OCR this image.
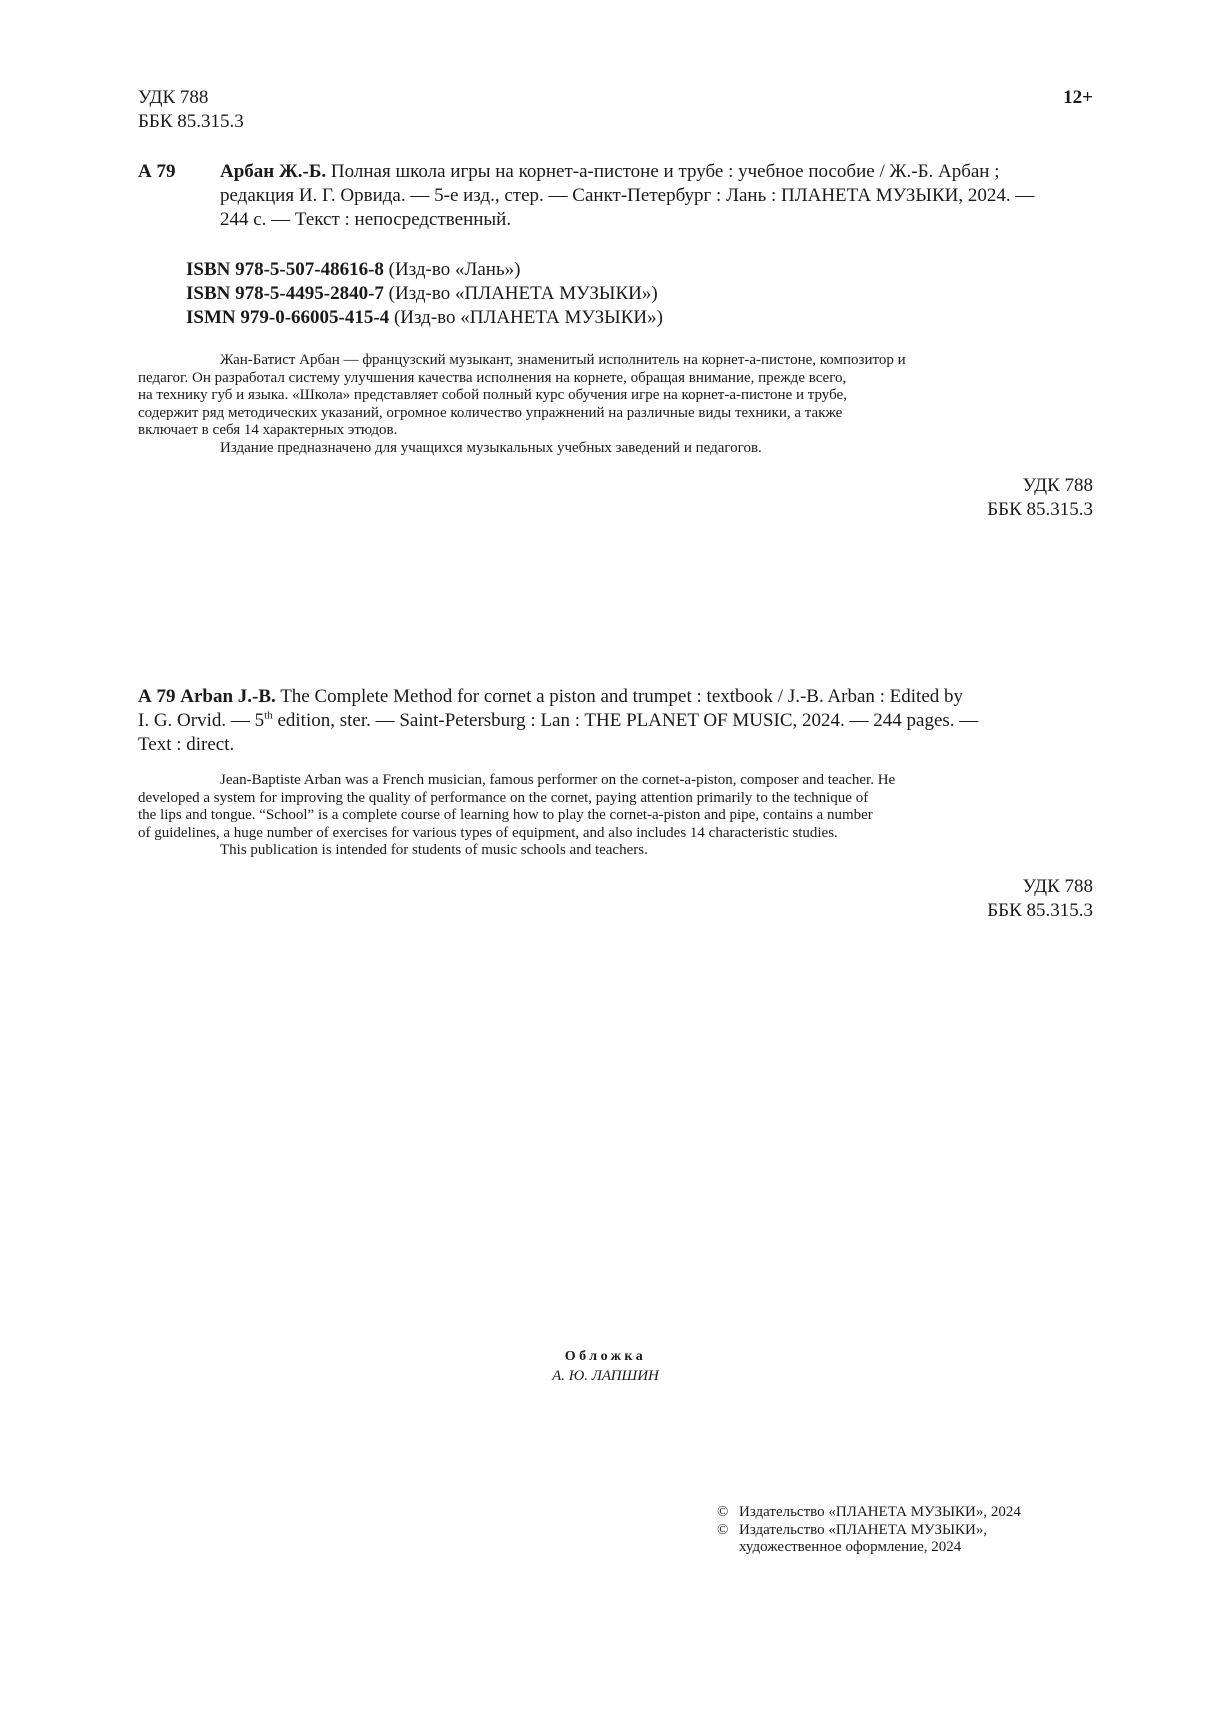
УДК 788
ББК 85.315.3
12+
А 79	Арбан Ж.-Б. Полная школа игры на корнет-а-пистоне и трубе : учебное пособие / Ж.-Б. Арбан ;
редакция И. Г. Орвида. — 5-е изд., стер. — Санкт-Петербург : Лань : ПЛАНЕТА МУЗЫКИ, 2024. —
244 с. — Текст : непосредственный.
ISBN 978-5-507-48616-8 (Изд-во «Лань»)
ISBN 978-5-4495-2840-7 (Изд-во «ПЛАНЕТА МУЗЫКИ»)
ISMN 979-0-66005-415-4 (Изд-во «ПЛАНЕТА МУЗЫКИ»)
Жан-Батист Арбан — французский музыкант, знаменитый исполнитель на корнет-а-пистоне, композитор и
педагог. Он разработал систему улучшения качества исполнения на корнете, обращая внимание, прежде всего,
на технику губ и языка. «Школа» представляет собой полный курс обучения игре на корнет-а-пистоне и трубе,
содержит ряд методических указаний, огромное количество упражнений на различные виды техники, а также
включает в себя 14 характерных этюдов.
Издание предназначено для учащихся музыкальных учебных заведений и педагогов.
УДК 788
ББК 85.315.3
А 79 Arban J.-B. The Complete Method for cornet a piston and trumpet : textbook / J.-B. Arban : Edited by
I. G. Orvid. — 5th edition, ster. — Saint-Petersburg : Lan : THE PLANET OF MUSIC, 2024. — 244 pages. —
Text : direct.
Jean-Baptiste Arban was a French musician, famous performer on the cornet-a-piston, composer and teacher. He
developed a system for improving the quality of performance on the cornet, paying attention primarily to the technique of
the lips and tongue. “School” is a complete course of learning how to play the cornet-a-piston and pipe, contains a number
of guidelines, a huge number of exercises for various types of equipment, and also includes 14 characteristic studies.
This publication is intended for students of music schools and teachers.
УДК 788
ББК 85.315.3
Обложка
А. Ю. ЛАПШИН
© Издательство «ПЛАНЕТА МУЗЫКИ», 2024
© Издательство «ПЛАНЕТА МУЗЫКИ»,
художественное оформление, 2024
